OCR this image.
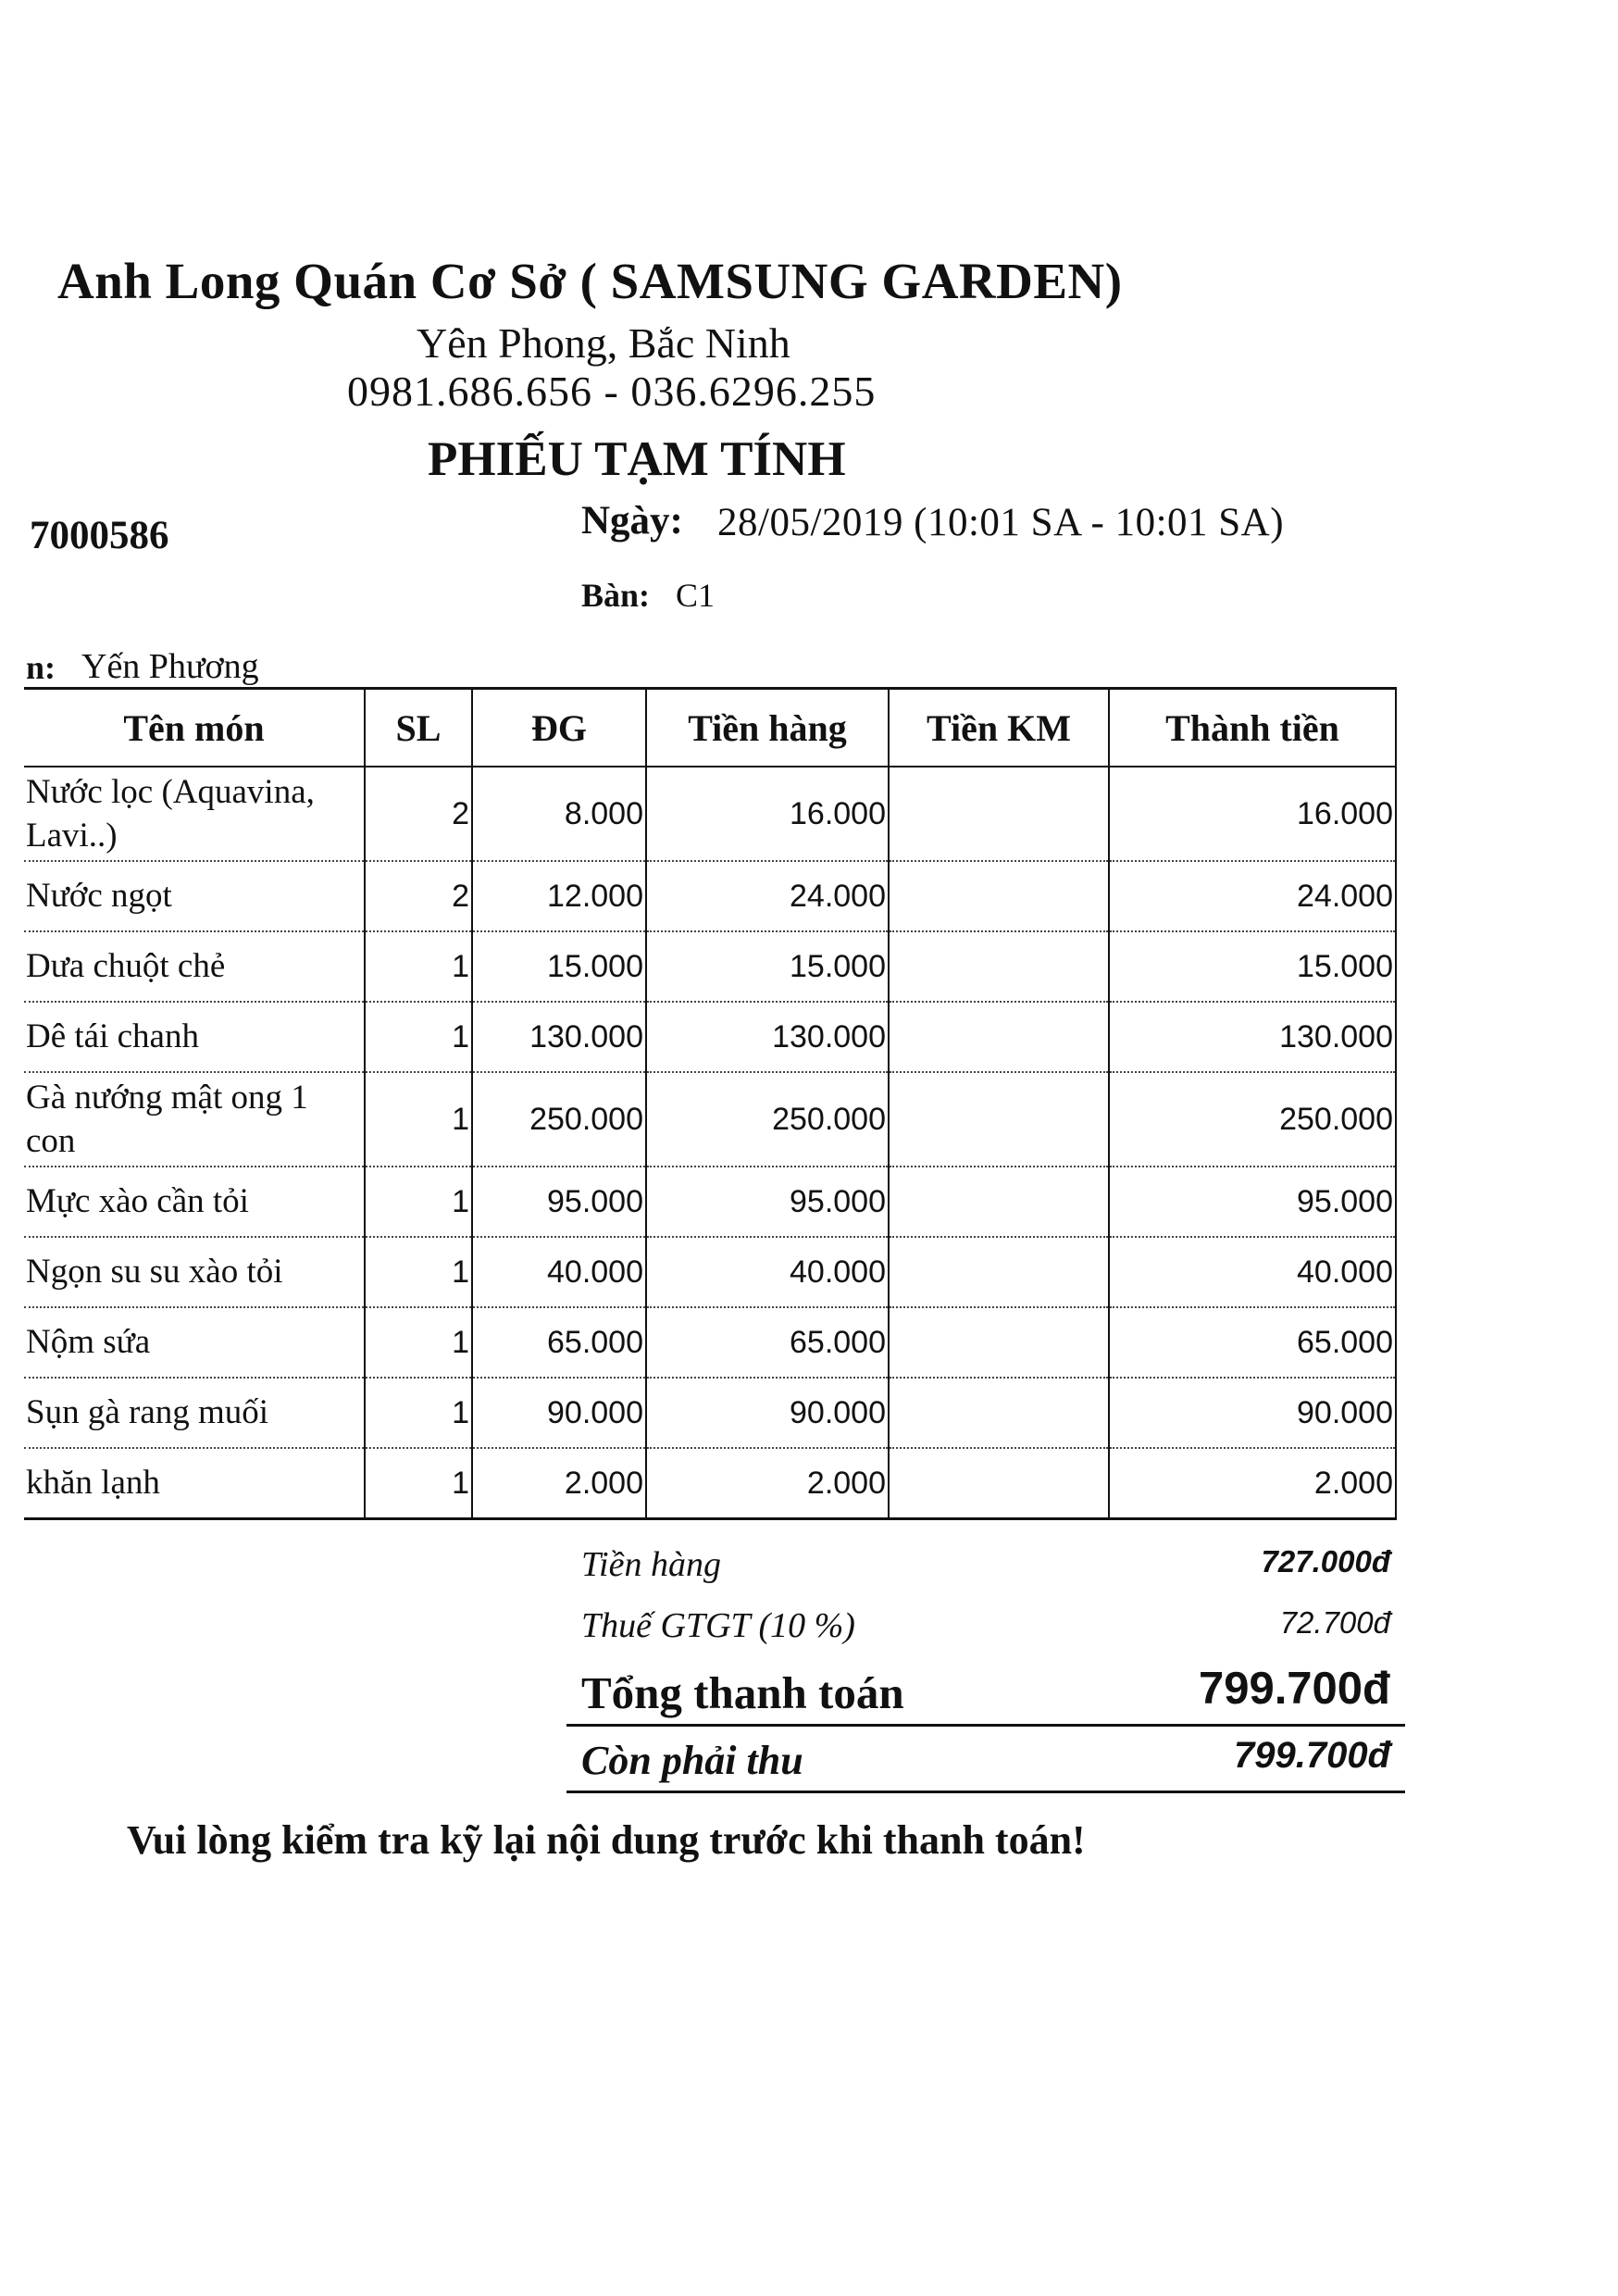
Anh Long Quán Cơ Sở ( SAMSUNG GARDEN)
Yên Phong, Bắc Ninh
0981.686.656 - 036.6296.255
PHIẾU TẠM TÍNH
7000586	Ngày: 28/05/2019 (10:01 SA - 10:01 SA)
Bàn: C1
n: Yến Phương
Tên món	SL	ĐG	Tiền hàng	Tiền KM	Thành tiền
Nước lọc (Aquavina, Lavi..)	2	8.000	16.000		16.000
Nước ngọt	2	12.000	24.000		24.000
Dưa chuột chẻ	1	15.000	15.000		15.000
Dê tái chanh	1	130.000	130.000		130.000
Gà nướng mật ong 1 con	1	250.000	250.000		250.000
Mực xào cần tỏi	1	95.000	95.000		95.000
Ngọn su su xào tỏi	1	40.000	40.000		40.000
Nộm sứa	1	65.000	65.000		65.000
Sụn gà rang muối	1	90.000	90.000		90.000
khăn lạnh	1	2.000	2.000		2.000
Tiền hàng	727.000đ
Thuế GTGT (10 %)	72.700đ
Tổng thanh toán	799.700đ
Còn phải thu	799.700đ
Vui lòng kiểm tra kỹ lại nội dung trước khi thanh toán!
